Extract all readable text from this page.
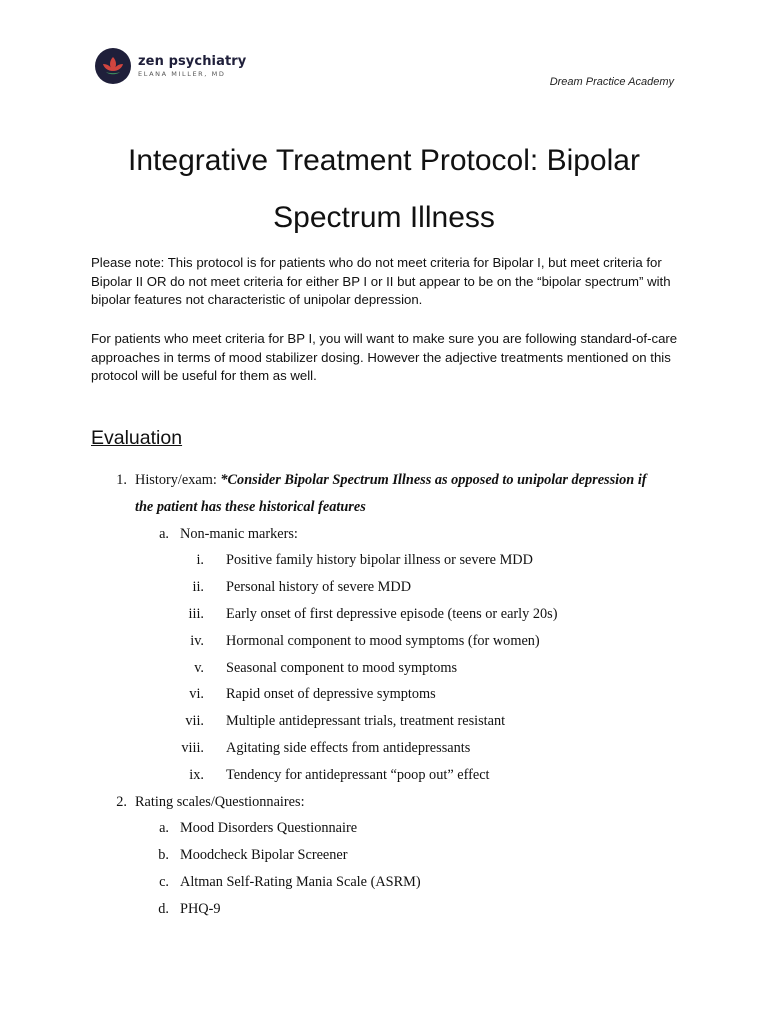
zen psychiatry
ELANA MILLER, MD
Dream Practice Academy
Integrative Treatment Protocol: Bipolar Spectrum Illness

Please note: This protocol is for patients who do not meet criteria for Bipolar I, but meet criteria for Bipolar II OR do not meet criteria for either BP I or II but appear to be on the “bipolar spectrum” with bipolar features not characteristic of unipolar depression.

For patients who meet criteria for BP I, you will want to make sure you are following standard-of-care approaches in terms of mood stabilizer dosing. However the adjective treatments mentioned on this protocol will be useful for them as well.

Evaluation
1. History/exam: *Consider Bipolar Spectrum Illness as opposed to unipolar depression if
the patient has these historical features
a. Non-manic markers:
i. Positive family history bipolar illness or severe MDD
ii. Personal history of severe MDD
iii. Early onset of first depressive episode (teens or early 20s)
iv. Hormonal component to mood symptoms (for women)
v. Seasonal component to mood symptoms
vi. Rapid onset of depressive symptoms
vii. Multiple antidepressant trials, treatment resistant
viii. Agitating side effects from antidepressants
ix. Tendency for antidepressant “poop out” effect
2. Rating scales/Questionnaires:
a. Mood Disorders Questionnaire
b. Moodcheck Bipolar Screener
c. Altman Self-Rating Mania Scale (ASRM)
d. PHQ-9
